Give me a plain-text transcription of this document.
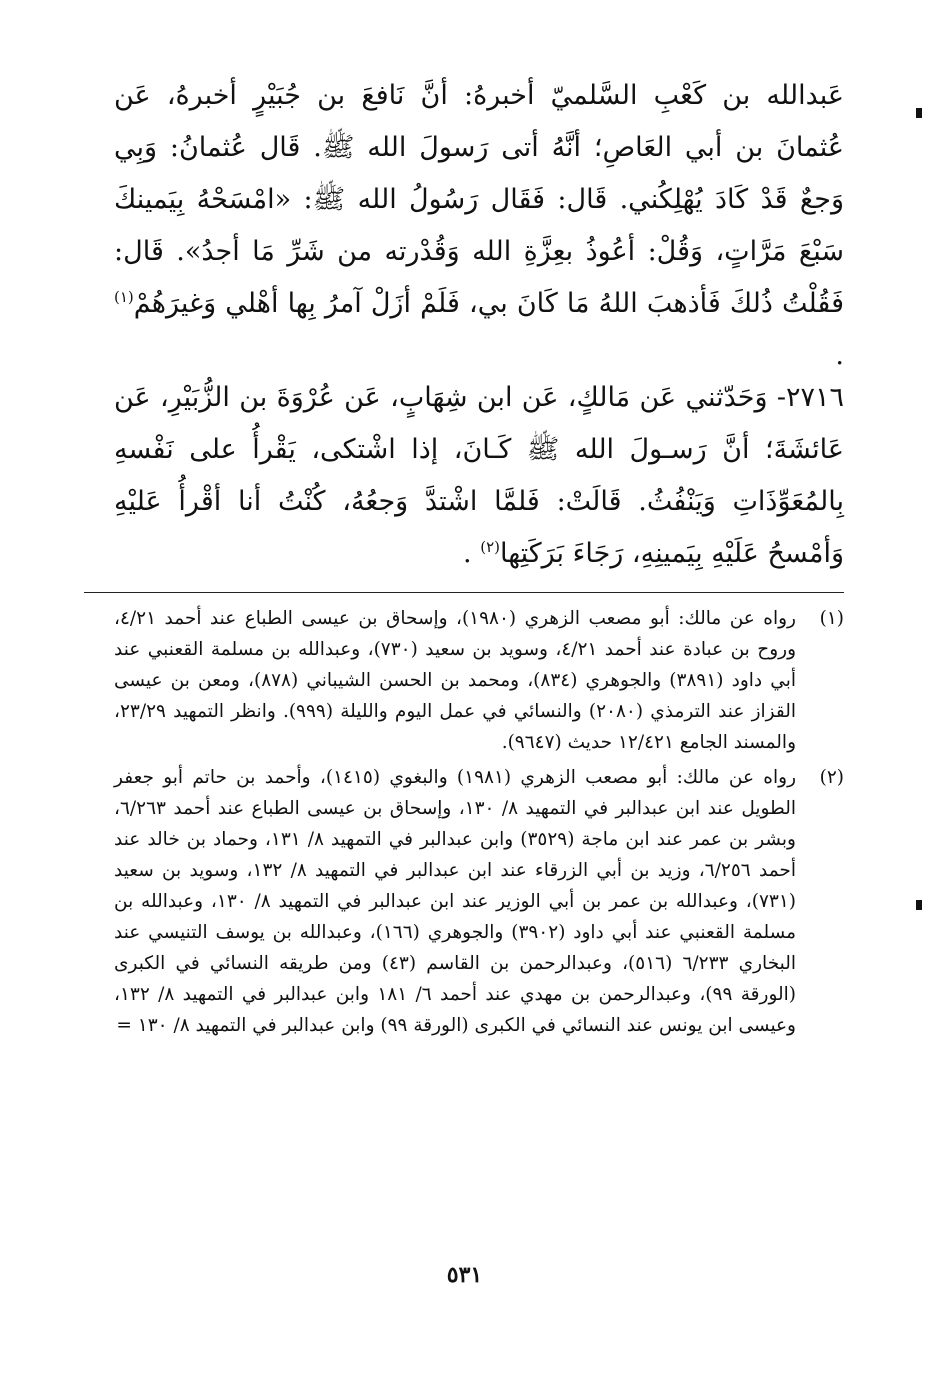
عَبدالله بن كَعْبِ السَّلميّ أخبرهُ: أنَّ نَافعَ بن جُبَيْرٍ أخبرهُ، عَن عُثمانَ بن أبي العَاصِ؛ أنَّهُ أتى رَسولَ الله ﷺ. قَال عُثمانُ: وَبِي وَجعٌ قَدْ كَادَ يُهْلِكُني. قَال: فَقَال رَسُولُ الله ﷺ: «امْسَحْهُ بِيَمينكَ سَبْعَ مَرَّاتٍ، وَقُلْ: أعُوذُ بعِزَّةِ الله وَقُدْرته من شَرِّ مَا أجدُ». قَال: فَقُلْتُ ذُلكَ فَأذهبَ اللهُ مَا كَانَ بي، فَلَمْ أزَلْ آمرُ بِها أهْلي وَغيرَهُمْ$^{(١)}$ .

٢٧١٦- وَحَدّثني عَن مَالكٍ، عَن ابن شِهَابٍ، عَن عُرْوَةَ بن الزُّبَيْرِ، عَن عَائشَةَ؛ أنَّ رَسـولَ الله ﷺ كَـانَ، إذا اشْتكى، يَقْرأُ على نَفْسهِ بِالمُعَوِّذَاتِ وَيَنْفُثُ. قَالَتْ: فَلمَّا اشْتدَّ وَجعُهُ، كُنْتُ أنا أقْرأُ عَليْهِ وَأمْسحُ عَلَيْهِ بِيَمينِهِ، رَجَاءَ بَرَكَتِها$^{(٢)}$ .

(١)
رواه عن مالك: أبو مصعب الزهري (١٩٨٠)، وإسحاق بن عيسى الطباع عند أحمد ٤/٢١، وروح بن عبادة عند أحمد ٤/٢١، وسويد بن سعيد (٧٣٠)، وعبدالله بن مسلمة القعنبي عند أبي داود (٣٨٩١) والجوهري (٨٣٤)، ومحمد بن الحسن الشيباني (٨٧٨)، ومعن بن عيسى القزاز عند الترمذي (٢٠٨٠) والنسائي في عمل اليوم والليلة (٩٩٩). وانظر التمهيد ٢٣/٢٩، والمسند الجامع ١٢/٤٢١ حديث (٩٦٤٧).
(٢)
رواه عن مالك: أبو مصعب الزهري (١٩٨١) والبغوي (١٤١٥)، وأحمد بن حاتم أبو جعفر الطويل عند ابن عبدالبر في التمهيد ٨/ ١٣٠، وإسحاق بن عيسى الطباع عند أحمد ٦/٢٦٣، وبشر بن عمر عند ابن ماجة (٣٥٢٩) وابن عبدالبر في التمهيد ٨/ ١٣١، وحماد بن خالد عند أحمد ٦/٢٥٦، وزيد بن أبي الزرقاء عند ابن عبدالبر في التمهيد ٨/ ١٣٢، وسويد بن سعيد (٧٣١)، وعبدالله بن عمر بن أبي الوزير عند ابن عبدالبر في التمهيد ٨/ ١٣٠، وعبدالله بن مسلمة القعنبي عند أبي داود (٣٩٠٢) والجوهري (١٦٦)، وعبدالله بن يوسف التنيسي عند البخاري ٦/٢٣٣ (٥١٦)، وعبدالرحمن بن القاسم (٤٣) ومن طريقه النسائي في الكبرى (الورقة ٩٩)، وعبدالرحمن بن مهدي عند أحمد ٦/ ١٨١ وابن عبدالبر في التمهيد ٨/ ١٣٢، وعيسى ابن يونس عند النسائي في الكبرى (الورقة ٩٩) وابن عبدالبر في التمهيد ٨/ ١٣٠ =
٥٣١
